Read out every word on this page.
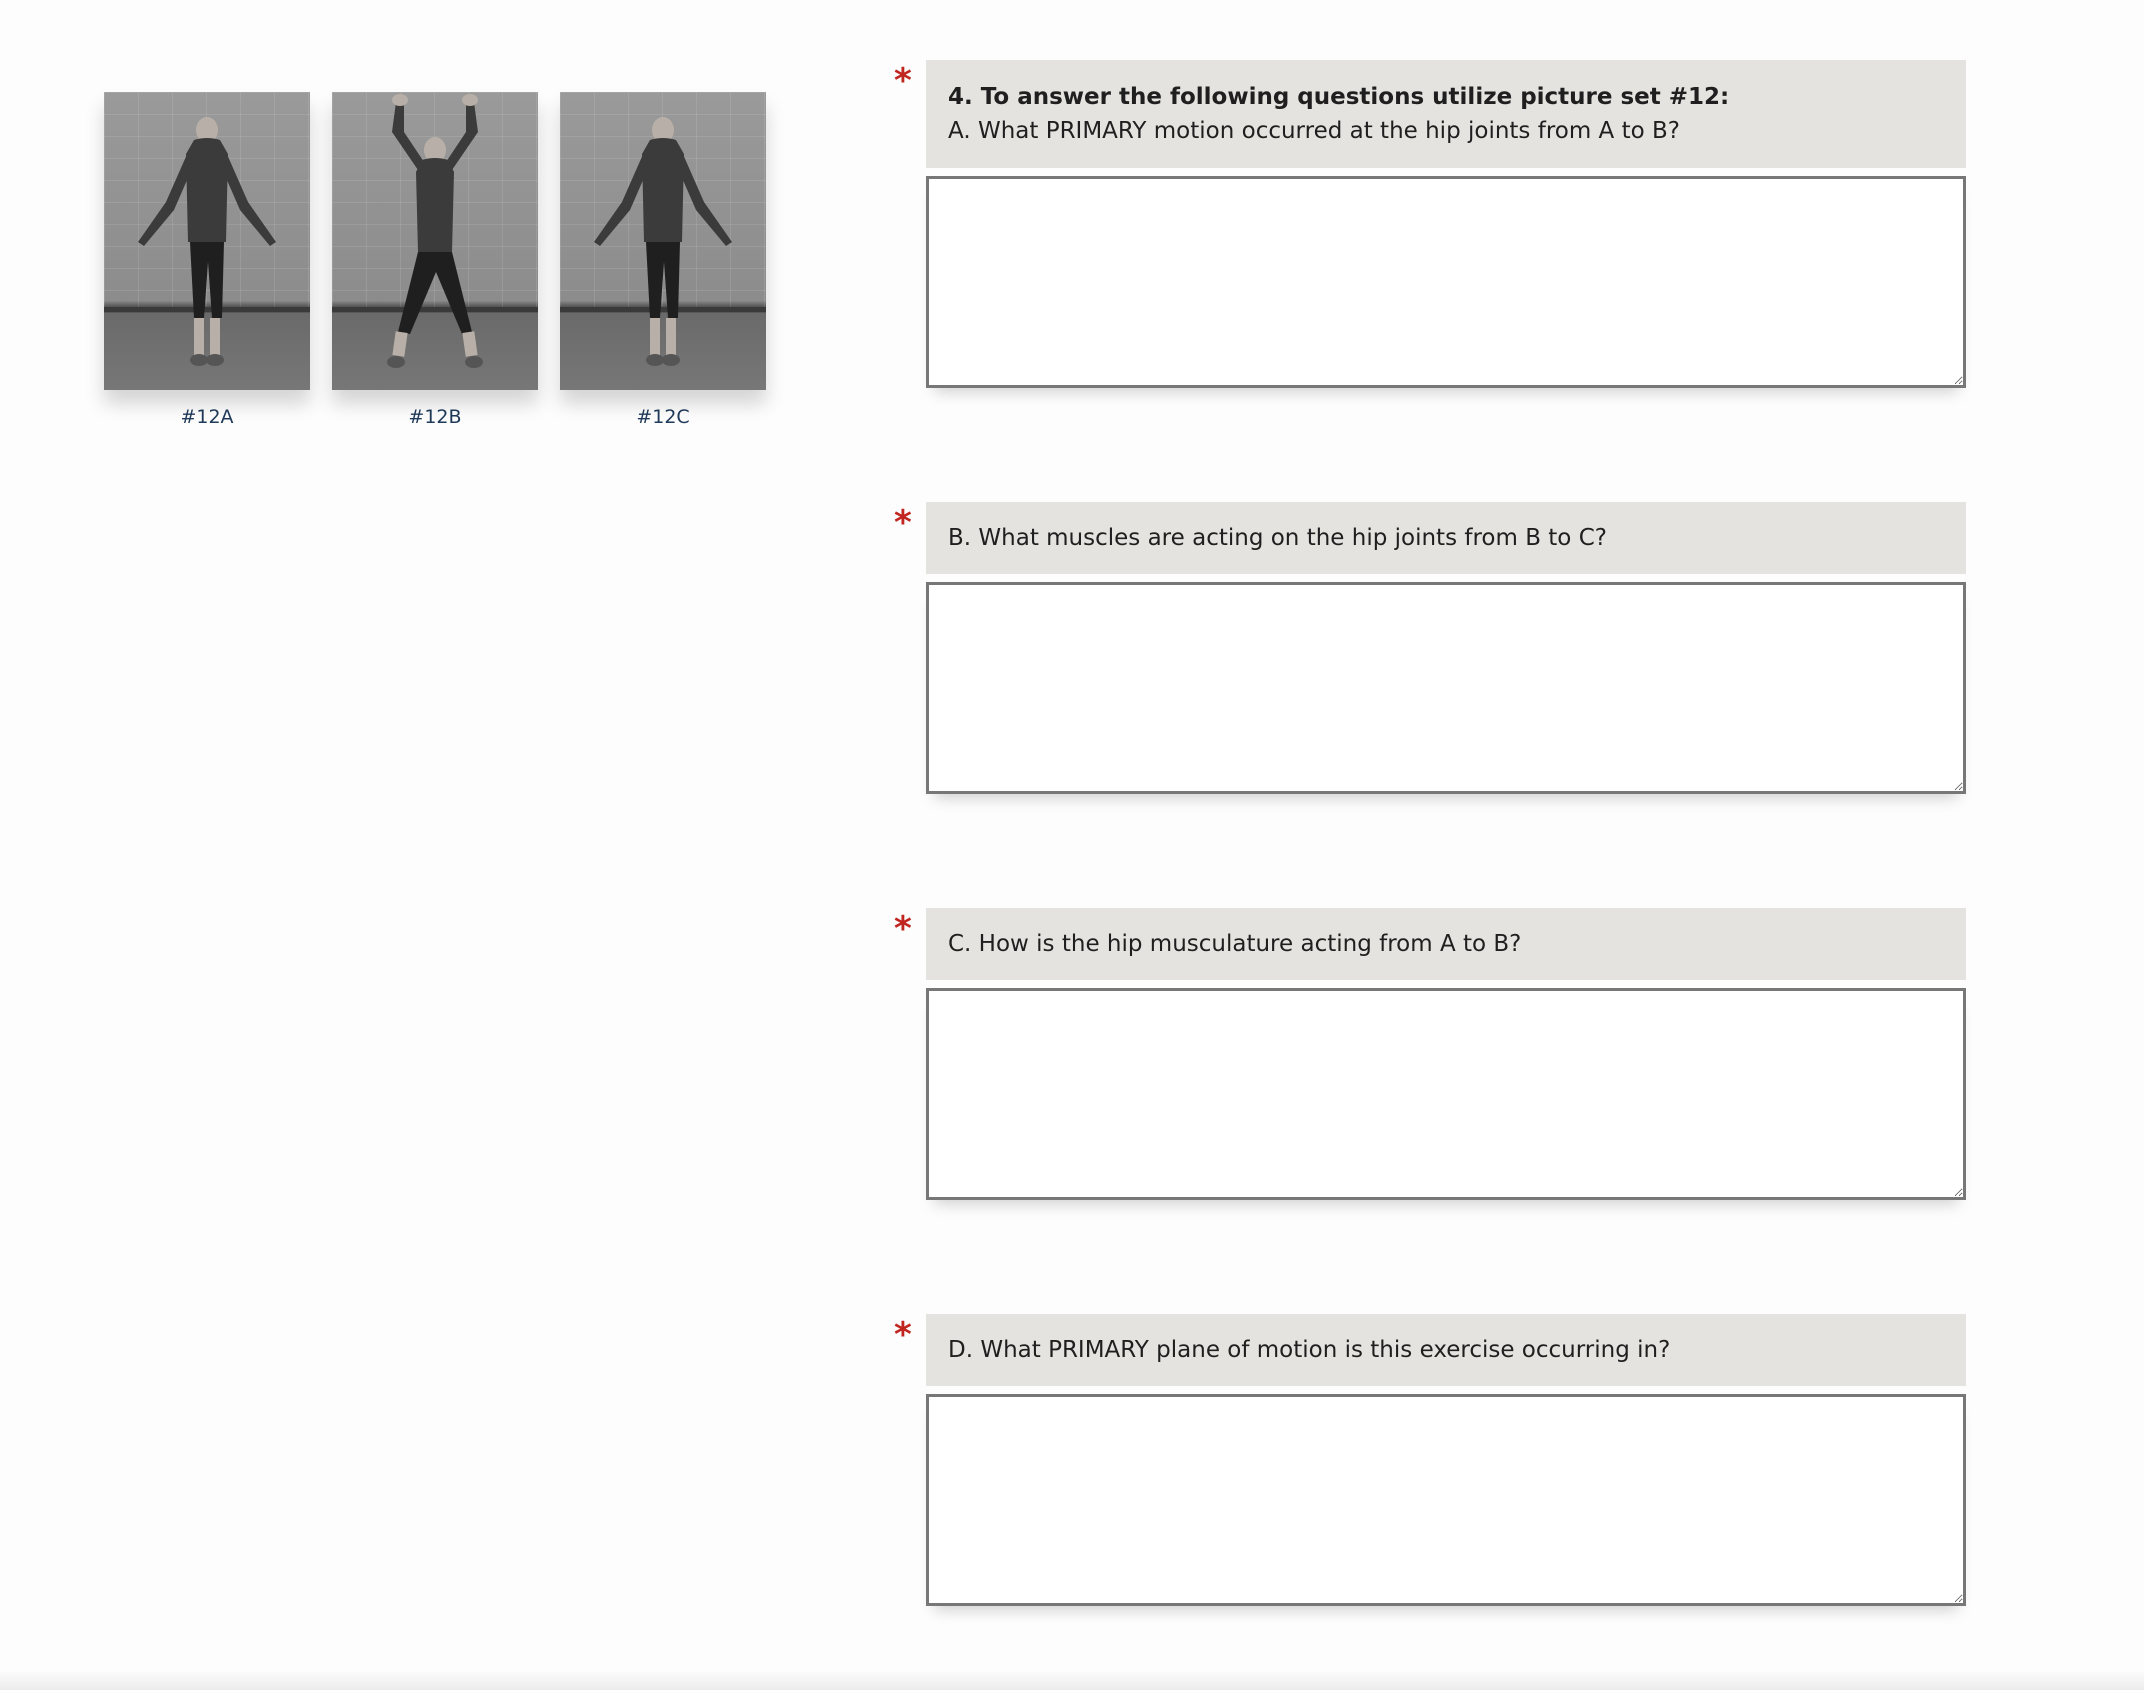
#12A	#12B	#12C
* 4. To answer the following questions utilize picture set #12:
A. What PRIMARY motion occurred at the hip joints from A to B?
* B. What muscles are acting on the hip joints from B to C?
* C. How is the hip musculature acting from A to B?
* D. What PRIMARY plane of motion is this exercise occurring in?
